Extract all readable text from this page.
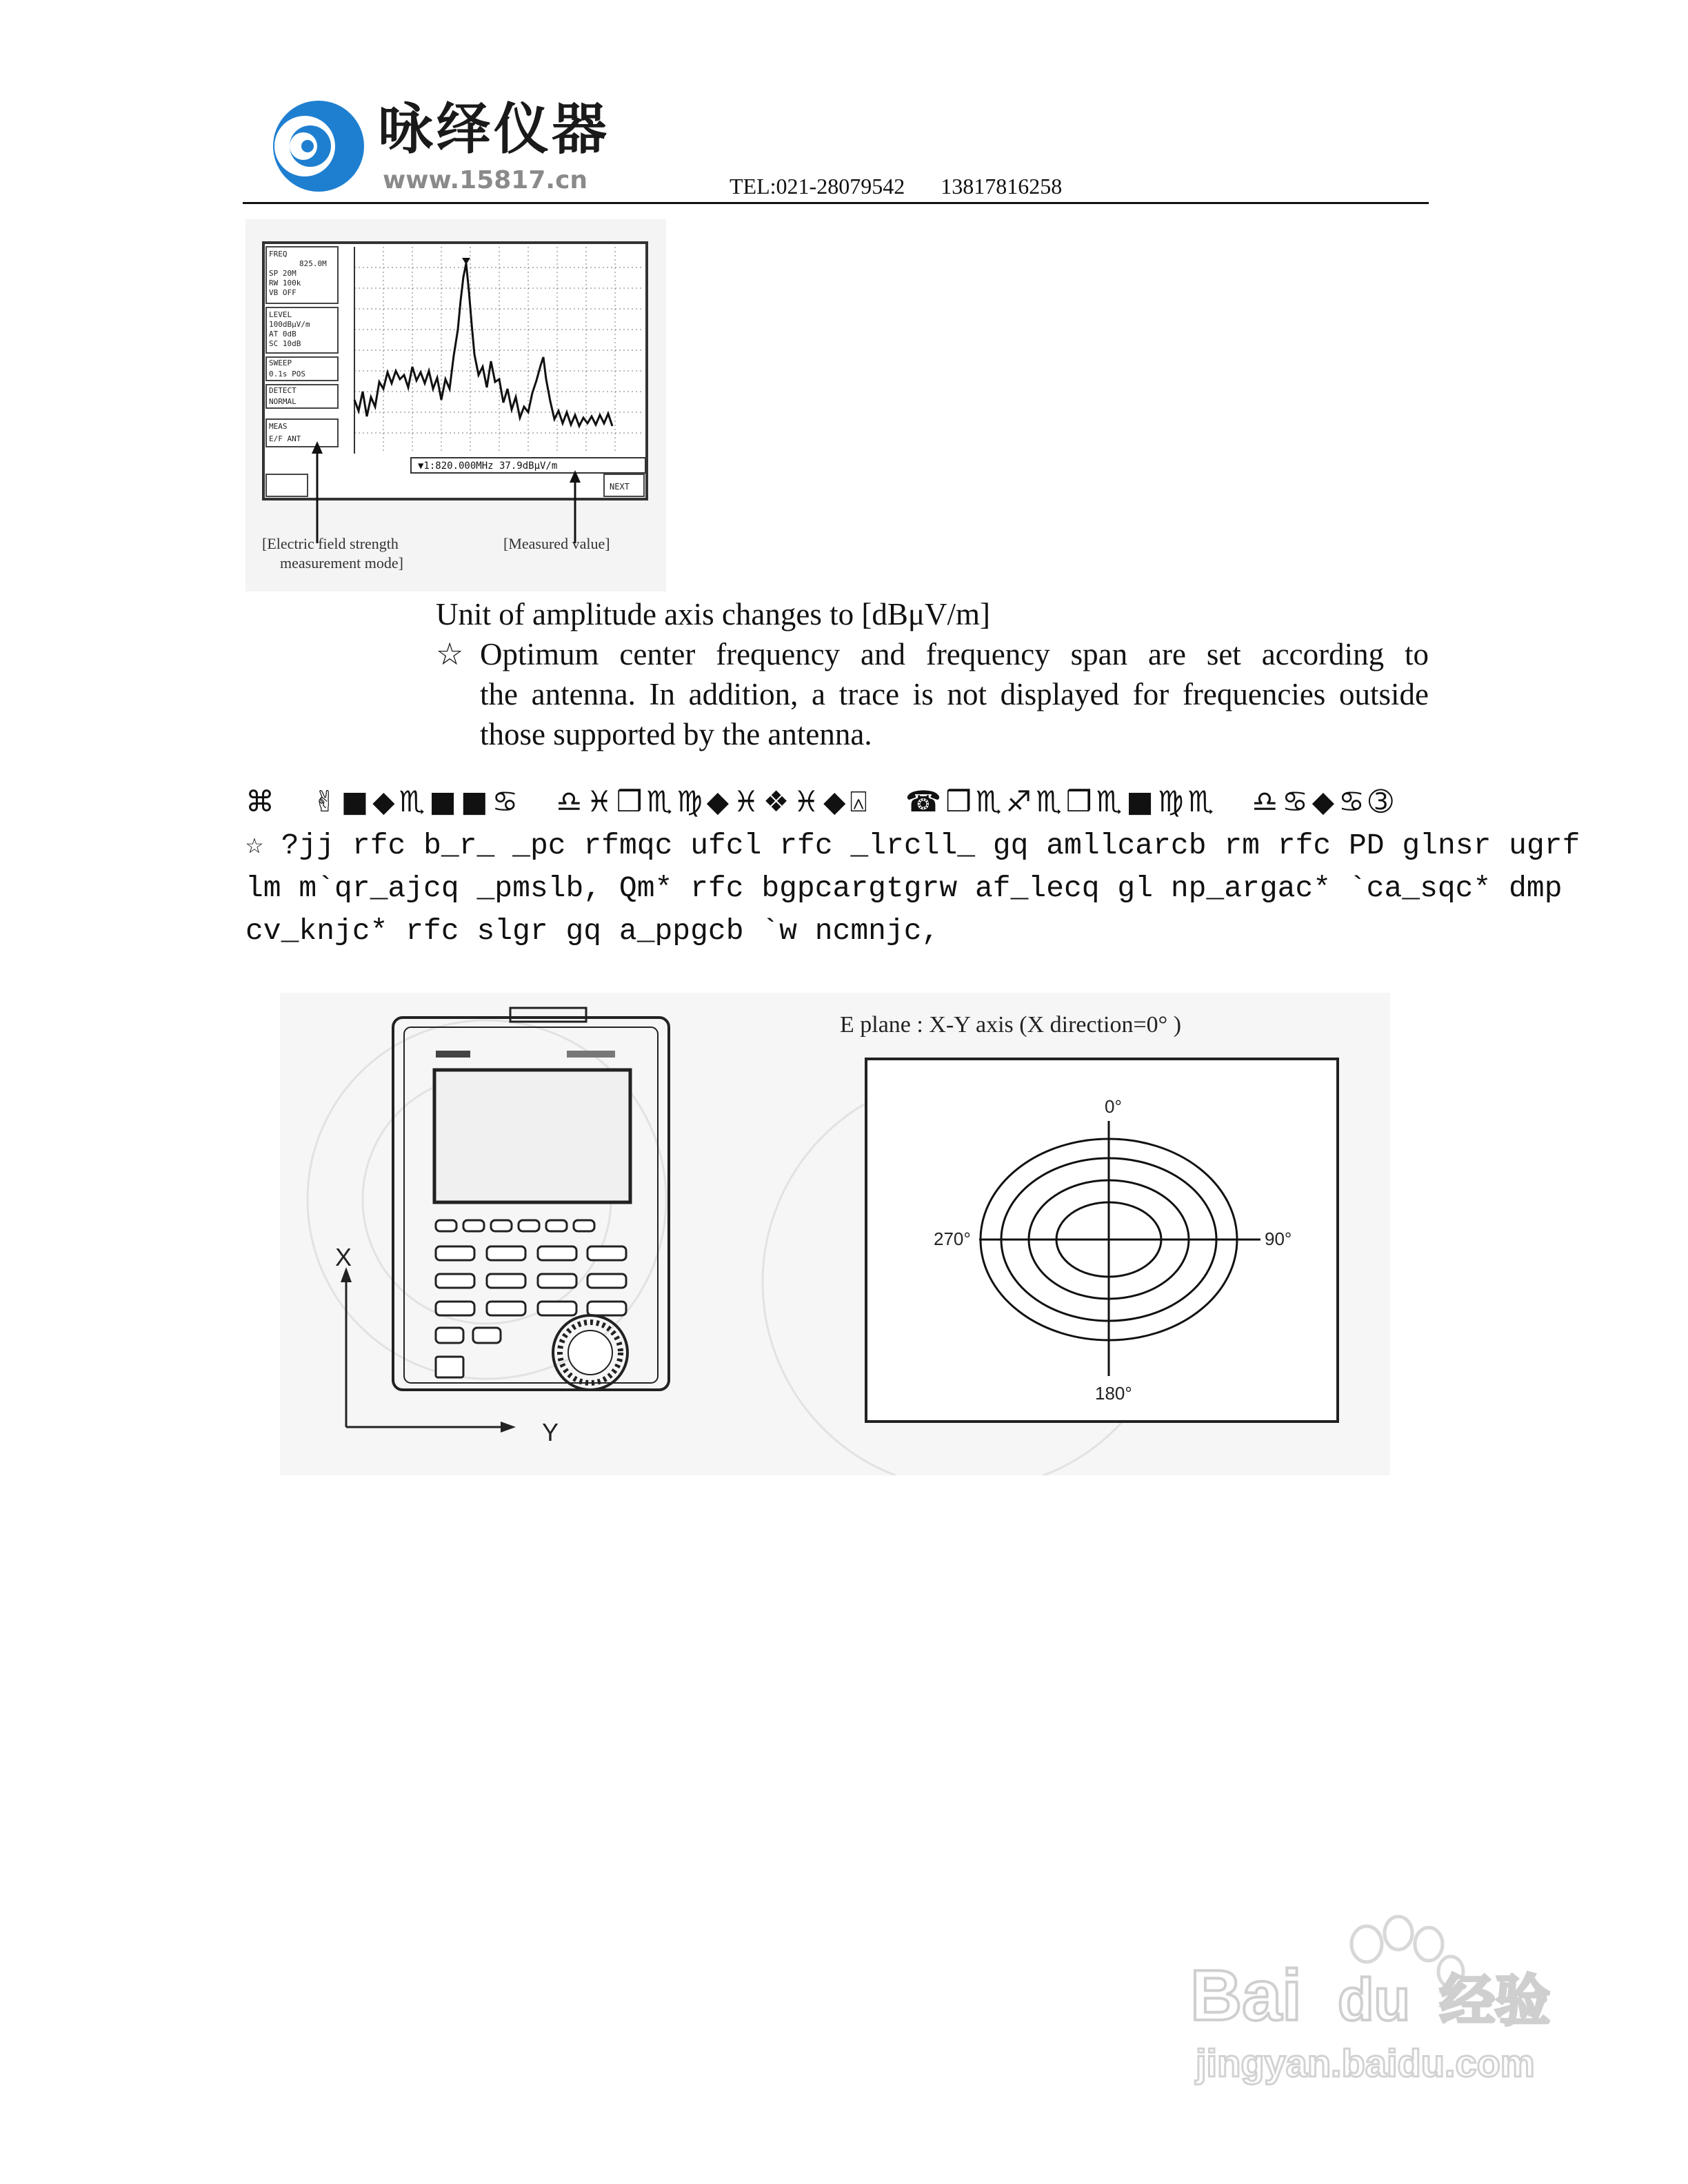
咏绎仪器
www.15817.cn	TEL:021-28079542 13817816258
FREQ
825.0M
SP 20M
RW 100k
VB OFF
LEVEL
100dBμV/m
AT 0dB
SC 10dB
SWEEP
0.1s POS
DETECT
NORMAL
MEAS
E/F ANT
▼1:820.000MHz 37.9dBμV/m
NEXT
[Electric field strength
measurement mode]
[Measured value]
Unit of amplitude axis changes to [dBμV/m]
☆ Optimum center frequency and frequency span are set according to
the antenna. In addition, a trace is not displayed for frequencies outside
those supported by the antenna.
⌘ ✌■◆♏■■♋ ♎♓❒♏♍◆♓❖♓◆⍓ ☎❒♏♐♏❒♏■♍♏ ♎♋◆♋➂
☆ ?jj rfc b_r_ _pc rfmqc ufcl rfc _lrcll_ gq amllcarcb rm rfc PD glnsr ugrf
lm m`qr_ajcq _pmslb, Qm* rfc bgpcargtgrw af_lecq gl np_argac* `ca_sqc* dmp
cv_knjc* rfc slgr gq a_ppgcb `w ncmnjc,
X
Y
0°
90°
180°
270°
E plane : X-Y axis (X direction=0° )
Bai du 经验
jingyan.baidu.com
